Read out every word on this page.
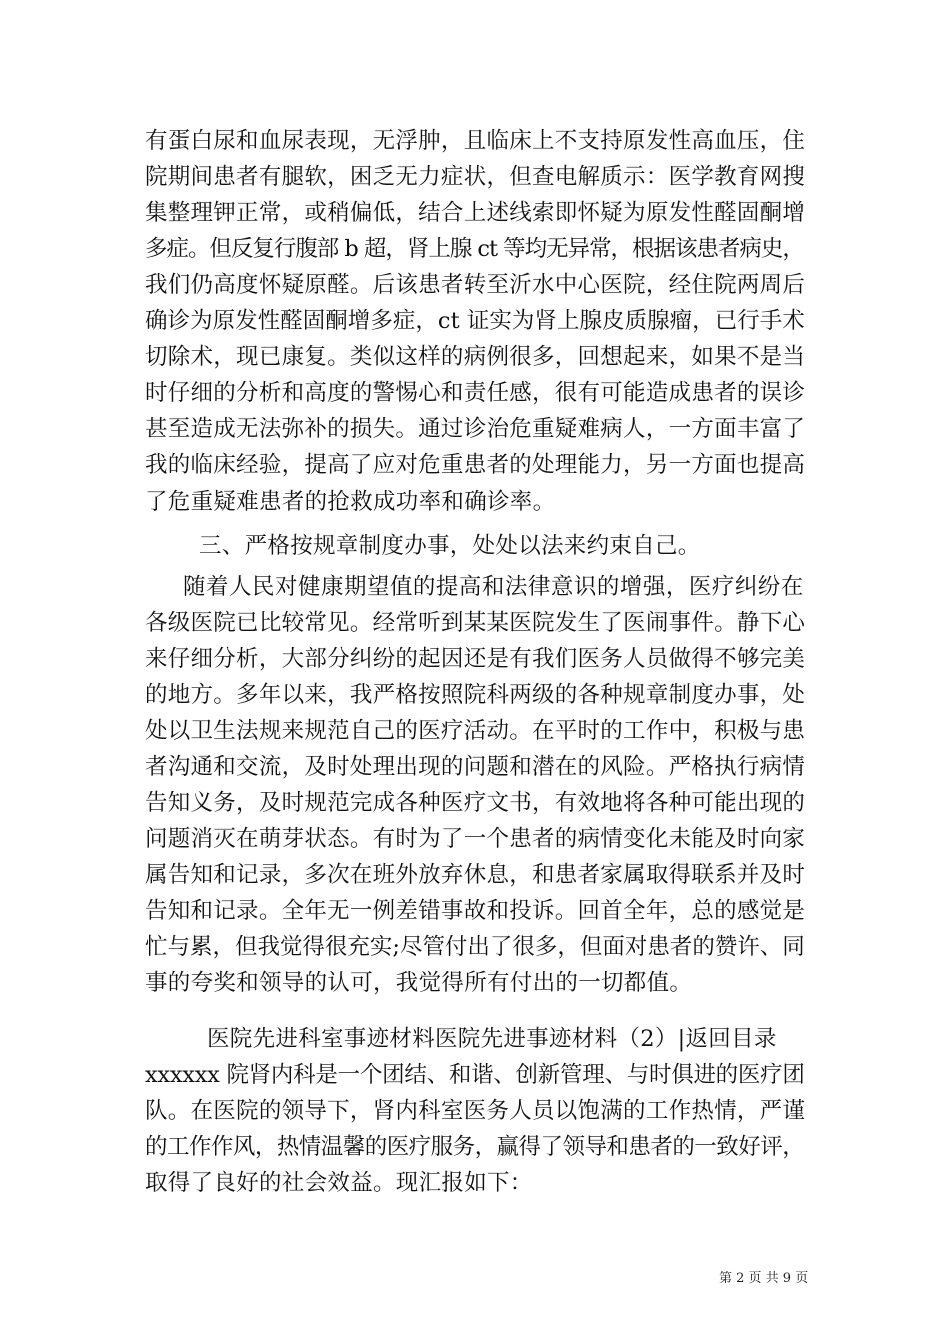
有蛋白尿和血尿表现，无浮肿，且临床上不支持原发性高血压，住
院期间患者有腿软，困乏无力症状，但查电解质示：医学教育网搜
集整理钾正常，或稍偏低，结合上述线索即怀疑为原发性醛固酮增
多症。但反复行腹部 b 超，肾上腺 ct 等均无异常，根据该患者病史，
我们仍高度怀疑原醛。后该患者转至沂水中心医院，经住院两周后
确诊为原发性醛固酮增多症，ct 证实为肾上腺皮质腺瘤，已行手术
切除术，现已康复。类似这样的病例很多，回想起来，如果不是当
时仔细的分析和高度的警惕心和责任感，很有可能造成患者的误诊
甚至造成无法弥补的损失。通过诊治危重疑难病人，一方面丰富了
我的临床经验，提高了应对危重患者的处理能力，另一方面也提高
了危重疑难患者的抢救成功率和确诊率。
三、严格按规章制度办事，处处以法来约束自己。
随着人民对健康期望值的提高和法律意识的增强，医疗纠纷在
各级医院已比较常见。经常听到某某医院发生了医闹事件。静下心
来仔细分析，大部分纠纷的起因还是有我们医务人员做得不够完美
的地方。多年以来，我严格按照院科两级的各种规章制度办事，处
处以卫生法规来规范自己的医疗活动。在平时的工作中，积极与患
者沟通和交流，及时处理出现的问题和潜在的风险。严格执行病情
告知义务，及时规范完成各种医疗文书，有效地将各种可能出现的
问题消灭在萌芽状态。有时为了一个患者的病情变化未能及时向家
属告知和记录，多次在班外放弃休息，和患者家属取得联系并及时
告知和记录。全年无一例差错事故和投诉。回首全年，总的感觉是
忙与累，但我觉得很充实;尽管付出了很多，但面对患者的赞许、同
事的夸奖和领导的认可，我觉得所有付出的一切都值。
医院先进科室事迹材料医院先进事迹材料（2）|返回目录
xxxxxx 院肾内科是一个团结、和谐、创新管理、与时俱进的医疗团
队。在医院的领导下，肾内科室医务人员以饱满的工作热情，严谨
的工作作风，热情温馨的医疗服务，赢得了领导和患者的一致好评，
取得了良好的社会效益。现汇报如下：
第 2 页 共 9 页
